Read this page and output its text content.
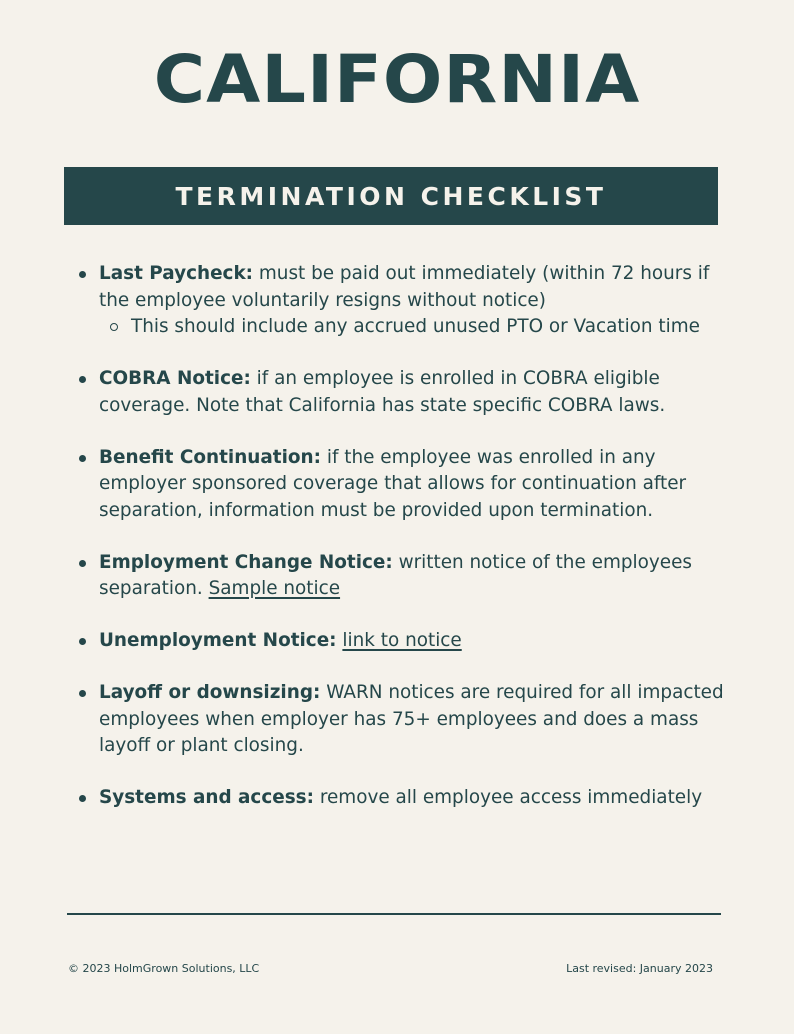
CALIFORNIA
TERMINATION CHECKLIST
Last Paycheck: must be paid out immediately (within 72 hours if the employee voluntarily resigns without notice)
This should include any accrued unused PTO or Vacation time
COBRA Notice: if an employee is enrolled in COBRA eligible coverage. Note that California has state specific COBRA laws.
Benefit Continuation: if the employee was enrolled in any employer sponsored coverage that allows for continuation after separation, information must be provided upon termination.
Employment Change Notice: written notice of the employees separation. Sample notice
Unemployment Notice: link to notice
Layoff or downsizing: WARN notices are required for all impacted employees when employer has 75+ employees and does a mass layoff or plant closing.
Systems and access: remove all employee access immediately
© 2023 HolmGrown Solutions, LLC	Last revised: January 2023
